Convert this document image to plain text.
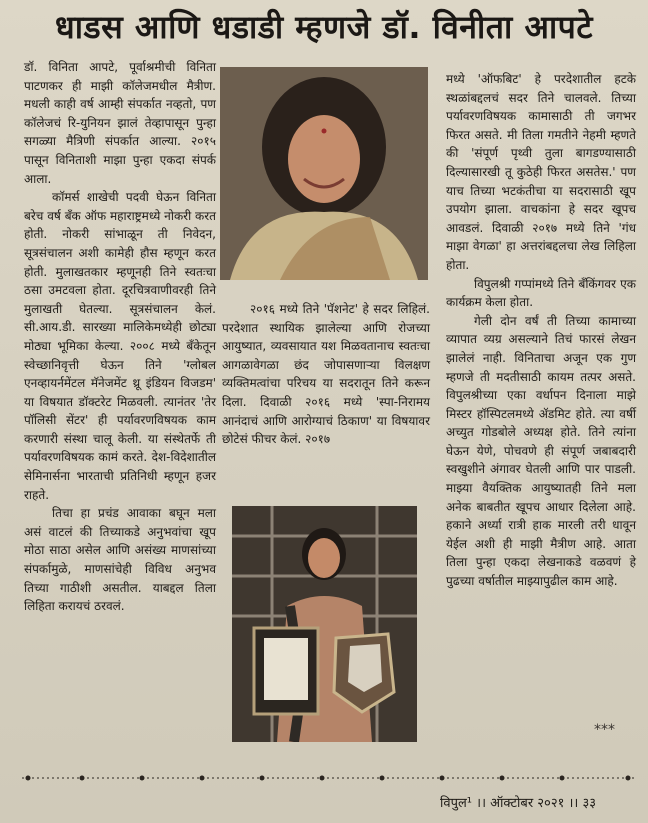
धाडस आणि धडाडी म्हणजे डॉ. विनीता आपटे

डॉ. विनिता आपटे, पूर्वाश्रमीची विनिता पाटणकर ही माझी कॉलेजमधील मैत्रीण. मधली काही वर्ष आम्ही संपर्कात नव्हतो, पण कॉलेजचं रि-युनियन झालं तेव्हापासून पुन्हा सगळ्या मैत्रिणी संपर्कात आल्या. २०१५ पासून विनिताशी माझा पुन्हा एकदा संपर्क आला.

कॉमर्स शाखेची पदवी घेऊन विनिता बरेच वर्ष बँक ऑफ महाराष्ट्रमध्ये नोकरी करत होती. नोकरी सांभाळून ती निवेदन, सूत्रसंचालन अशी कामेही हौस म्हणून करत होती. मुलाखतकार म्हणूनही तिने स्वतःचा ठसा उमटवला होता. दूरचित्रवाणीवरही तिने मुलाखती घेतल्या. सूत्रसंचालन केलं. सी.आय.डी. सारख्या मालिकेमध्येही छोट्या मोठ्या भूमिका केल्या. २००८ मध्ये बँकेतून स्वेच्छानिवृत्ती घेऊन तिने 'ग्लोबल एनव्हायर्नमेंटल मॅनेजमेंट थ्रू इंडियन विजडम' या विषयात डॉक्टरेट मिळवली. त्यानंतर 'तेर पॉलिसी सेंटर' ही पर्यावरणविषयक काम करणारी संस्था चालू केली. या संस्थेतर्फे ती पर्यावरणविषयक कामं करते. देश-विदेशातील सेमिनार्सना भारताची प्रतिनिधी म्हणून हजर राहते.

तिचा हा प्रचंड आवाका बघून मला असं वाटलं की तिच्याकडे अनुभवांचा खूप मोठा साठा असेल आणि असंख्य माणसांच्या संपर्कामुळे, माणसांचेही विविध अनुभव तिच्या गाठीशी असतील. याबद्दल तिला लिहिता करायचं ठरवलं.

२०१६ मध्ये तिने 'पॅशनेट' हे सदर लिहिलं. परदेशात स्थायिक झालेल्या आणि रोजच्या आयुष्यात, व्यवसायात यश मिळवतानाच स्वतःचा आगळावेगळा छंद जोपासणाऱ्या विलक्षण व्यक्तिमत्वांचा परिचय या सदरातून तिने करून दिला. दिवाळी २०१६ मध्ये 'स्पा-निरामय आनंदाचं आणि आरोग्याचं ठिकाण' या विषयावर छोटेसं फीचर केलं. २०१७

मध्ये 'ऑफबिट' हे परदेशातील हटके स्थळांबद्दलचं सदर तिने चालवले. तिच्या पर्यावरणविषयक कामासाठी ती जगभर फिरत असते. मी तिला गमतीने नेहमी म्हणते की 'संपूर्ण पृथ्वी तुला बागडण्यासाठी दिल्यासारखी तू कुठेही फिरत असतेस.' पण याच तिच्या भटकंतीचा या सदरासाठी खूप उपयोग झाला. वाचकांना हे सदर खूपच आवडलं. दिवाळी २०१७ मध्ये तिने 'गंध माझा वेगळा' हा अत्तरांबद्दलचा लेख लिहिला होता.

विपुलश्री गप्पांमध्ये तिने बँकिंगवर एक कार्यक्रम केला होता.

गेली दोन वर्षं ती तिच्या कामाच्या व्यापात व्यग्र असल्याने तिचं फारसं लेखन झालेलं नाही. विनिताचा अजून एक गुण म्हणजे ती मदतीसाठी कायम तत्पर असते. विपुलश्रीच्या एका वर्धापन दिनाला माझे मिस्टर हॉस्पिटलमध्ये ॲडमिट होते. त्या वर्षी अच्युत गोडबोले अध्यक्ष होते. तिने त्यांना घेऊन येणे, पोचवणे ही संपूर्ण जबाबदारी स्वखुशीने अंगावर घेतली आणि पार पाडली. माझ्या वैयक्तिक आयुष्यातही तिने मला अनेक बाबतीत खूपच आधार दिलेला आहे. हकाने अर्ध्या रात्री हाक मारली तरी धावून येईल अशी ही माझी मैत्रीण आहे. आता तिला पुन्हा एकदा लेखनाकडे वळवणं हे पुढच्या वर्षातील माझ्यापुढील काम आहे.

***
विपुल¹ ।। ऑक्टोबर २०२१ ।। ३३
